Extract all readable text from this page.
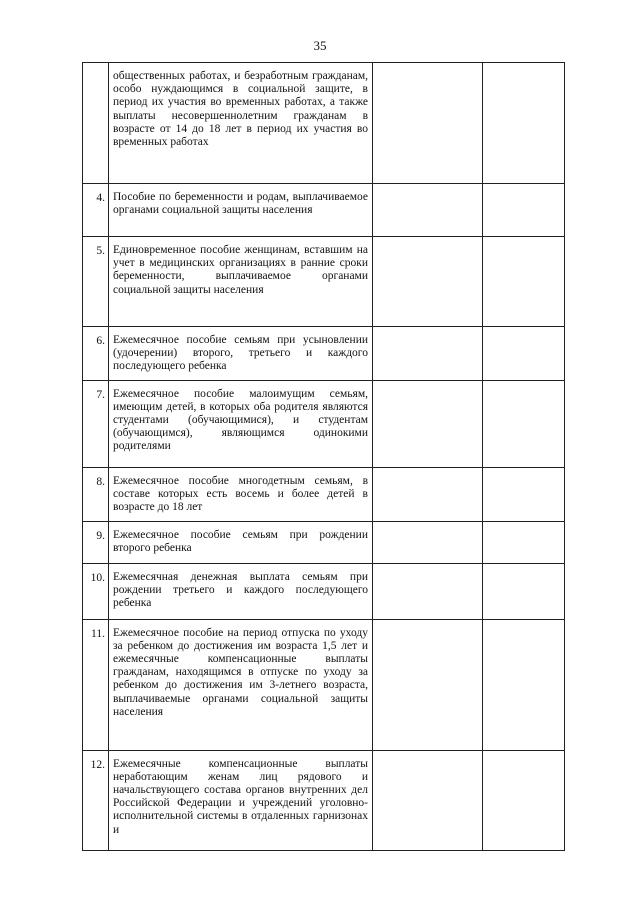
35
	общественных работах, и безработным гражданам, особо нуждающимся в социальной защите, в период их участия во временных работах, а также выплаты несовершеннолетним гражданам в возрасте от 14 до 18 лет в период их участия во временных работах		
4.	Пособие по беременности и родам, выплачиваемое органами социальной защиты населения		
5.	Единовременное пособие женщинам, вставшим на учет в медицинских организациях в ранние сроки беременности, выплачиваемое органами социальной защиты населения		
6.	Ежемесячное пособие семьям при усыновлении (удочерении) второго, третьего и каждого последующего ребенка		
7.	Ежемесячное пособие малоимущим семьям, имеющим детей, в которых оба родителя являются студентами (обучающимися), и студентам (обучающимся), являющимся одинокими родителями		
8.	Ежемесячное пособие многодетным семьям, в составе которых есть восемь и более детей в возрасте до 18 лет		
9.	Ежемесячное пособие семьям при рождении второго ребенка		
10.	Ежемесячная денежная выплата семьям при рождении третьего и каждого последующего ребенка		
11.	Ежемесячное пособие на период отпуска по уходу за ребенком до достижения им возраста 1,5 лет и ежемесячные компенсационные выплаты гражданам, находящимся в отпуске по уходу за ребенком до достижения им 3-летнего возраста, выплачиваемые органами социальной защиты населения		
12.	Ежемесячные компенсационные выплаты неработающим женам лиц рядового и начальствующего состава органов внутренних дел Российской Федерации и учреждений уголовно-исполнительной системы в отдаленных гарнизонах и		
